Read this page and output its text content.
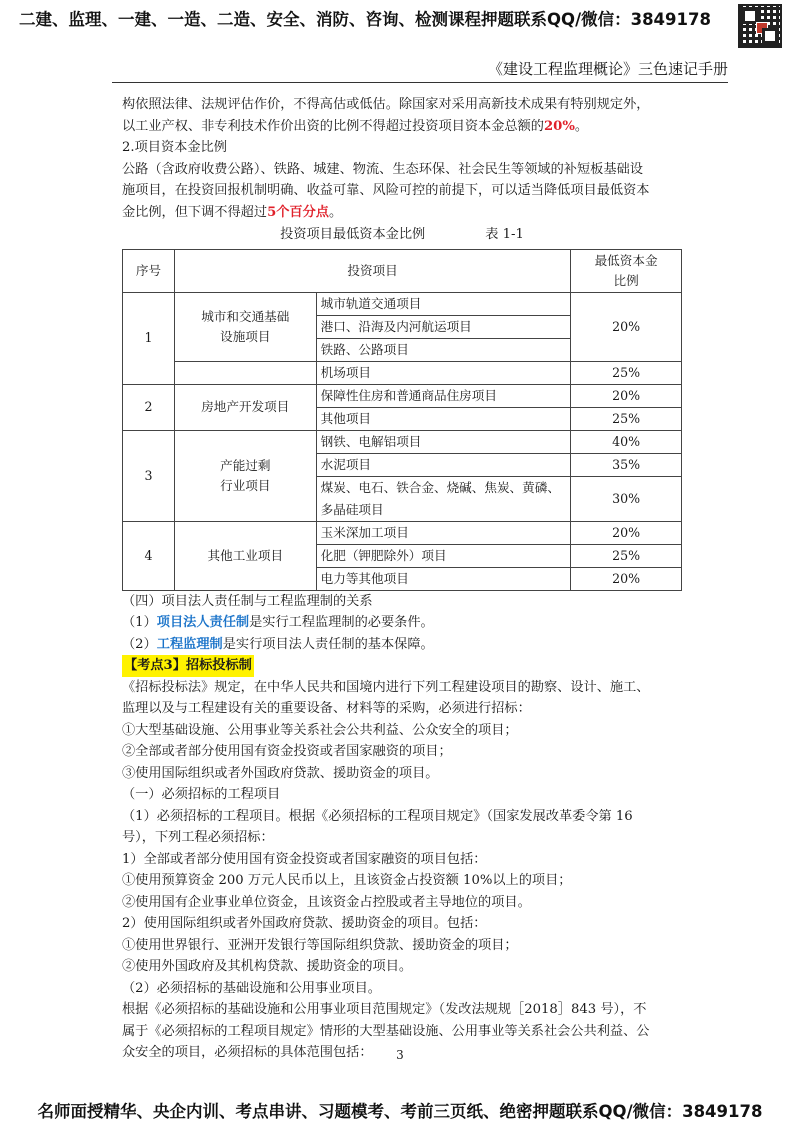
二建、监理、一建、一造、二造、安全、消防、咨询、检测课程押题联系QQ/微信：3849178
《建设工程监理概论》三色速记手册

构依照法律、法规评估作价，不得高估或低估。除国家对采用高新技术成果有特别规定外，

以工业产权、非专利技术作价出资的比例不得超过投资项目资本金总额的20%。

2.项目资本金比例

公路（含政府收费公路）、铁路、城建、物流、生态环保、社会民生等领域的补短板基础设

施项目，在投资回报机制明确、收益可靠、风险可控的前提下，可以适当降低项目最低资本

金比例，但下调不得超过5个百分点。

投资项目最低资本金比例	表 1-1
序号	投资项目		最低资本金
比例
1	城市和交通基础
设施项目	城市轨道交通项目	20%
		港口、沿海及内河航运项目	
		铁路、公路项目	
		机场项目	25%
2	房地产开发项目	保障性住房和普通商品住房项目	20%
		其他项目	25%
3	产能过剩
行业项目	钢铁、电解铝项目	40%
		水泥项目	35%
		煤炭、电石、铁合金、烧碱、焦炭、黄磷、	30%
		多晶硅项目	
4	其他工业项目	玉米深加工项目	20%
		化肥（钾肥除外）项目	25%
		电力等其他项目	20%

（四）项目法人责任制与工程监理制的关系

（1）项目法人责任制是实行工程监理制的必要条件。

（2）工程监理制是实行项目法人责任制的基本保障。

【考点3】招标投标制

《招标投标法》规定，在中华人民共和国境内进行下列工程建设项目的勘察、设计、施工、

监理以及与工程建设有关的重要设备、材料等的采购，必须进行招标：

①大型基础设施、公用事业等关系社会公共利益、公众安全的项目；

②全部或者部分使用国有资金投资或者国家融资的项目；

③使用国际组织或者外国政府贷款、援助资金的项目。

（一）必须招标的工程项目

（1）必须招标的工程项目。根据《必须招标的工程项目规定》（国家发展改革委令第 16

号），下列工程必须招标：

1）全部或者部分使用国有资金投资或者国家融资的项目包括：

①使用预算资金 200 万元人民币以上，且该资金占投资额 10%以上的项目；

②使用国有企业事业单位资金，且该资金占控股或者主导地位的项目。

2）使用国际组织或者外国政府贷款、援助资金的项目。包括：

①使用世界银行、亚洲开发银行等国际组织贷款、援助资金的项目；

②使用外国政府及其机构贷款、援助资金的项目。

（2）必须招标的基础设施和公用事业项目。

根据《必须招标的基础设施和公用事业项目范围规定》（发改法规规［2018］843 号），不

属于《必须招标的工程项目规定》情形的大型基础设施、公用事业等关系社会公共利益、公

众安全的项目，必须招标的具体范围包括：	3
名师面授精华、央企内训、考点串讲、习题模考、考前三页纸、绝密押题联系QQ/微信：3849178
